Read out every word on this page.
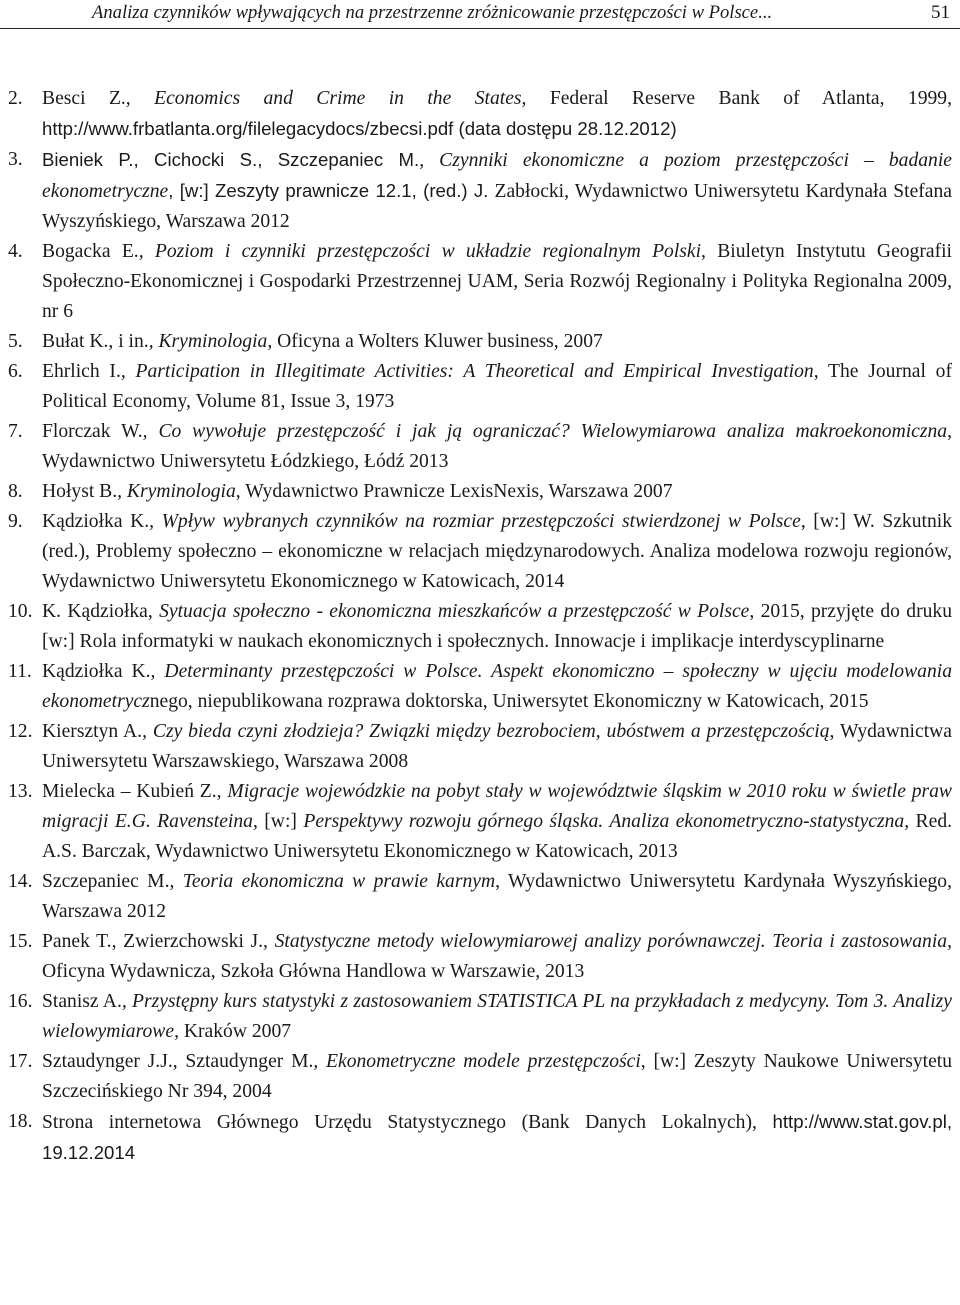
Analiza czynników wpływających na przestrzenne zróżnicowanie przestępczości w Polsce...	51
2. Besci Z., Economics and Crime in the States, Federal Reserve Bank of Atlanta, 1999, http://www.frbatlanta.org/filelegacydocs/zbecsi.pdf (data dostępu 28.12.2012)
3. Bieniek P., Cichocki S., Szczepaniec M., Czynniki ekonomiczne a poziom przestępczości – badanie ekonometryczne, [w:] Zeszyty prawnicze 12.1, (red.) J. Zabłocki, Wydawnictwo Uniwersytetu Kardynała Stefana Wyszyńskiego, Warszawa 2012
4. Bogacka E., Poziom i czynniki przestępczości w układzie regionalnym Polski, Biuletyn Instytutu Geografii Społeczno-Ekonomicznej i Gospodarki Przestrzennej UAM, Seria Rozwój Regionalny i Polityka Regionalna 2009, nr 6
5. Bułat K., i in., Kryminologia, Oficyna a Wolters Kluwer business, 2007
6. Ehrlich I., Participation in Illegitimate Activities: A Theoretical and Empirical Investigation, The Journal of Political Economy, Volume 81, Issue 3, 1973
7. Florczak W., Co wywołuje przestępczość i jak ją ograniczać? Wielowymiarowa analiza makroekonomiczna, Wydawnictwo Uniwersytetu Łódzkiego, Łódź 2013
8. Hołyst B., Kryminologia, Wydawnictwo Prawnicze LexisNexis, Warszawa 2007
9. Kądziołka K., Wpływ wybranych czynników na rozmiar przestępczości stwierdzonej w Polsce, [w:] W. Szkutnik (red.), Problemy społeczno – ekonomiczne w relacjach międzynarodowych. Analiza modelowa rozwoju regionów, Wydawnictwo Uniwersytetu Ekonomicznego w Katowicach, 2014
10. K. Kądziołka, Sytuacja społeczno - ekonomiczna mieszkańców a przestępczość w Polsce, 2015, przyjęte do druku [w:] Rola informatyki w naukach ekonomicznych i społecznych. Innowacje i implikacje interdyscyplinarne
11. Kądziołka K., Determinanty przestępczości w Polsce. Aspekt ekonomiczno – społeczny w ujęciu modelowania ekonometrycznego, niepublikowana rozprawa doktorska, Uniwersytet Ekonomiczny w Katowicach, 2015
12. Kiersztyn A., Czy bieda czyni złodzieja? Związki między bezrobociem, ubóstwem a przestępczością, Wydawnictwa Uniwersytetu Warszawskiego, Warszawa 2008
13. Mielecka – Kubień Z., Migracje wojewódzkie na pobyt stały w województwie śląskim w 2010 roku w świetle praw migracji E.G. Ravensteina, [w:] Perspektywy rozwoju górnego śląska. Analiza ekonometryczno-statystyczna, Red. A.S. Barczak, Wydawnictwo Uniwersytetu Ekonomicznego w Katowicach, 2013
14. Szczepaniec M., Teoria ekonomiczna w prawie karnym, Wydawnictwo Uniwersytetu Kardynała Wyszyńskiego, Warszawa 2012
15. Panek T., Zwierzchowski J., Statystyczne metody wielowymiarowej analizy porównawczej. Teoria i zastosowania, Oficyna Wydawnicza, Szkoła Główna Handlowa w Warszawie, 2013
16. Stanisz A., Przystępny kurs statystyki z zastosowaniem STATISTICA PL na przykładach z medycyny. Tom 3. Analizy wielowymiarowe, Kraków 2007
17. Sztaudynger J.J., Sztaudynger M., Ekonometryczne modele przestępczości, [w:] Zeszyty Naukowe Uniwersytetu Szczecińskiego Nr 394, 2004
18. Strona internetowa Głównego Urzędu Statystycznego (Bank Danych Lokalnych), http://www.stat.gov.pl, 19.12.2014
